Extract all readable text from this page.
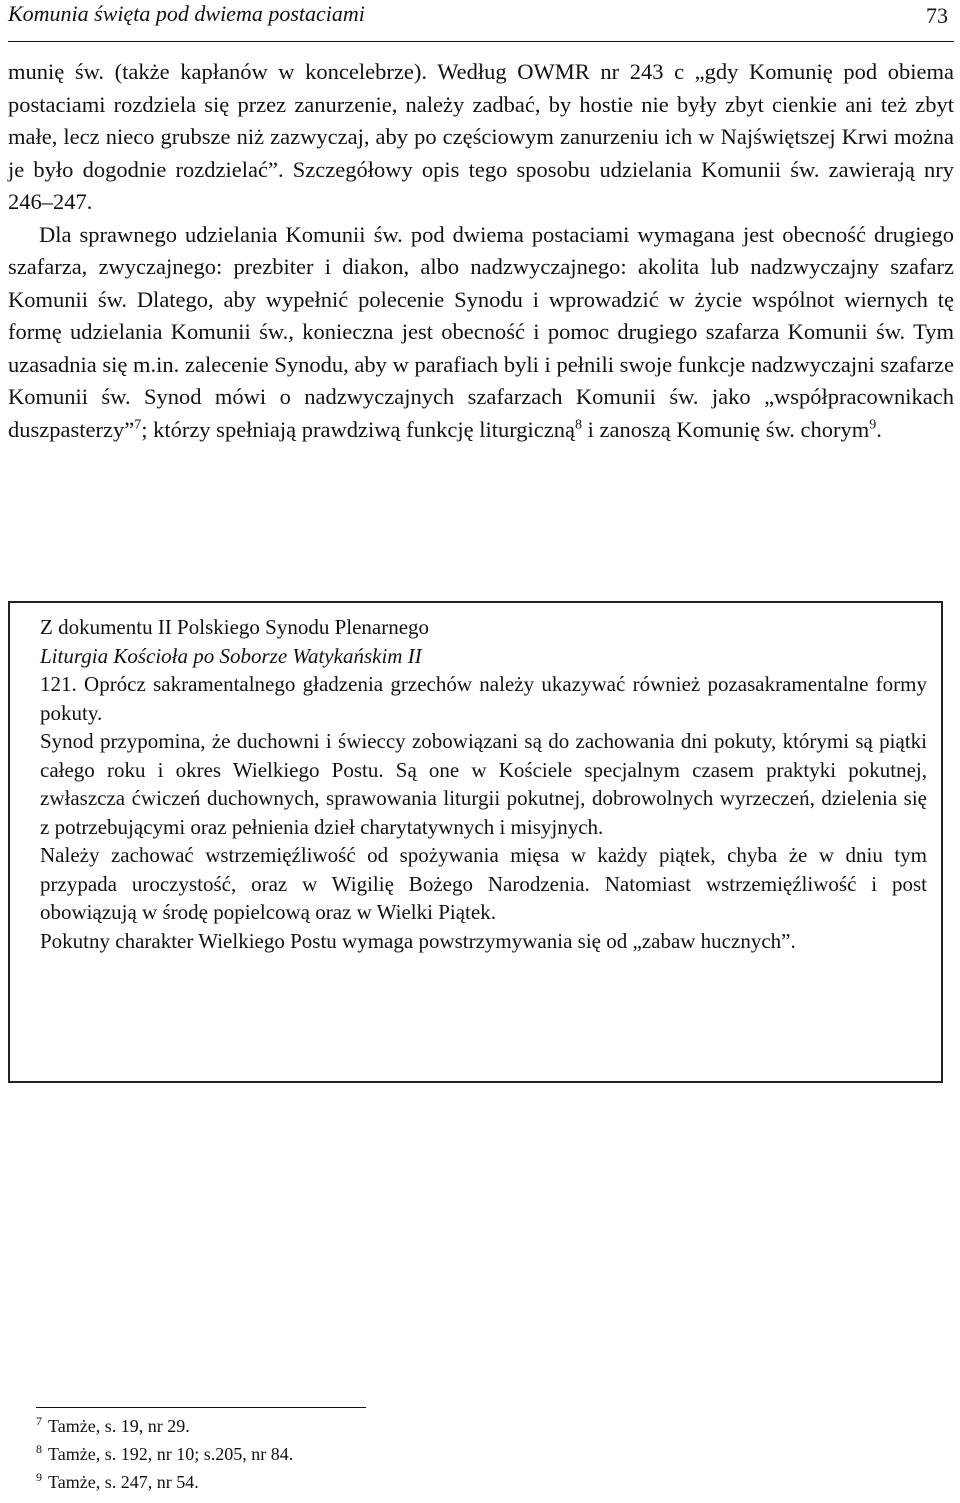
Komunia święta pod dwiema postaciami	73

munię św. (także kapłanów w koncelebrze). Według OWMR nr 243 c „gdy Komunię pod obiema postaciami rozdziela się przez zanurzenie, należy zadbać, by hostie nie były zbyt cienkie ani też zbyt małe, lecz nieco grubsze niż zazwyczaj, aby po częściowym zanurzeniu ich w Najświętszej Krwi można je było dogodnie rozdzielać”. Szczegółowy opis tego sposobu udzielania Komunii św. zawierają nry 246–247.

Dla sprawnego udzielania Komunii św. pod dwiema postaciami wymagana jest obecność drugiego szafarza, zwyczajnego: prezbiter i diakon, albo nadzwyczajnego: akolita lub nadzwyczajny szafarz Komunii św. Dlatego, aby wypełnić polecenie Synodu i wprowadzić w życie wspólnot wiernych tę formę udzielania Komunii św., konieczna jest obecność i pomoc drugiego szafarza Komunii św. Tym uzasadnia się m.in. zalecenie Synodu, aby w parafiach byli i pełnili swoje funkcje nadzwyczajni szafarze Komunii św. Synod mówi o nadzwyczajnych szafarzach Komunii św. jako „współpracownikach duszpasterzy”$^7$; którzy spełniają prawdziwą funkcję liturgiczną$^8$ i zanoszą Komunię św. chorym$^9$.

Z dokumentu II Polskiego Synodu Plenarnego

Liturgia Kościoła po Soborze Watykańskim II

121. Oprócz sakramentalnego gładzenia grzechów należy ukazywać również pozasakramentalne formy pokuty.

Synod przypomina, że duchowni i świeccy zobowiązani są do zachowania dni pokuty, którymi są piątki całego roku i okres Wielkiego Postu. Są one w Kościele specjalnym czasem praktyki pokutnej, zwłaszcza ćwiczeń duchownych, sprawowania liturgii pokutnej, dobrowolnych wyrzeczeń, dzielenia się z potrzebującymi oraz pełnienia dzieł charytatywnych i misyjnych.

Należy zachować wstrzemięźliwość od spożywania mięsa w każdy piątek, chyba że w dniu tym przypada uroczystość, oraz w Wigilię Bożego Narodzenia. Natomiast wstrzemięźliwość i post obowiązują w środę popielcową oraz w Wielki Piątek.

Pokutny charakter Wielkiego Postu wymaga powstrzymywania się od „zabaw hucznych”.

$^7$ Tamże, s. 19, nr 29.
$^8$ Tamże, s. 192, nr 10; s.205, nr 84.
$^9$ Tamże, s. 247, nr 54.
